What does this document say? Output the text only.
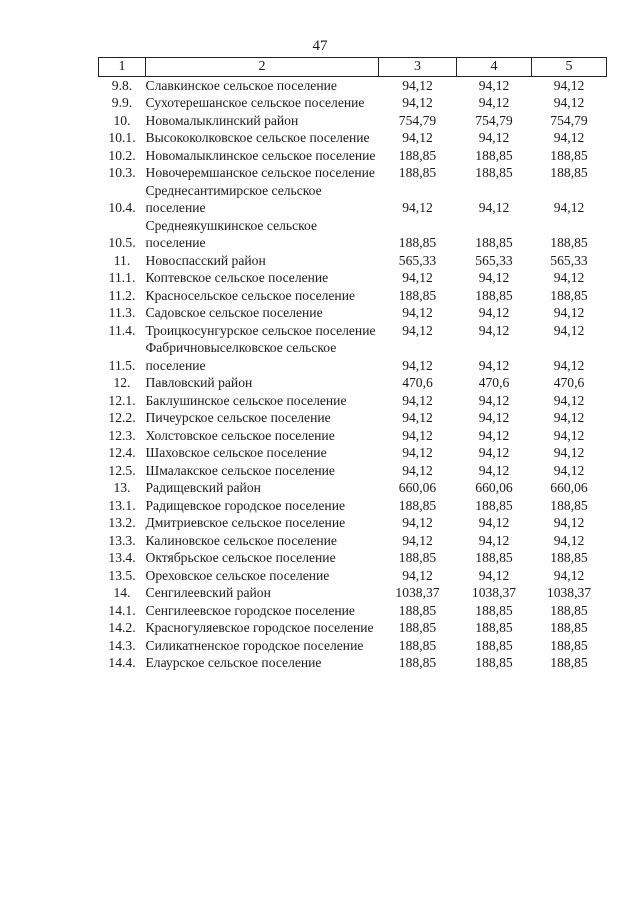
47
1	2	3	4	5
9.8.	Славкинское сельское поселение	94,12	94,12	94,12
9.9.	Сухотерешанское сельское поселение	94,12	94,12	94,12
10.	Новомалыклинский район	754,79	754,79	754,79
10.1.	Высококолковское сельское поселение	94,12	94,12	94,12
10.2.	Новомалыклинское сельское поселение	188,85	188,85	188,85
10.3.	Новочеремшанское сельское поселение	188,85	188,85	188,85
10.4.	Среднесантимирское сельское поселение	94,12	94,12	94,12
10.5.	Среднеякушкинское сельское поселение	188,85	188,85	188,85
11.	Новоспасский район	565,33	565,33	565,33
11.1.	Коптевское сельское поселение	94,12	94,12	94,12
11.2.	Красносельское сельское поселение	188,85	188,85	188,85
11.3.	Садовское сельское поселение	94,12	94,12	94,12
11.4.	Троицкосунгурское сельское поселение	94,12	94,12	94,12
11.5.	Фабричновыселковское сельское поселение	94,12	94,12	94,12
12.	Павловский район	470,6	470,6	470,6
12.1.	Баклушинское сельское поселение	94,12	94,12	94,12
12.2.	Пичеурское сельское поселение	94,12	94,12	94,12
12.3.	Холстовское сельское поселение	94,12	94,12	94,12
12.4.	Шаховское сельское поселение	94,12	94,12	94,12
12.5.	Шмалакское сельское поселение	94,12	94,12	94,12
13.	Радищевский район	660,06	660,06	660,06
13.1.	Радищевское городское поселение	188,85	188,85	188,85
13.2.	Дмитриевское сельское поселение	94,12	94,12	94,12
13.3.	Калиновское сельское поселение	94,12	94,12	94,12
13.4.	Октябрьское сельское поселение	188,85	188,85	188,85
13.5.	Ореховское сельское поселение	94,12	94,12	94,12
14.	Сенгилеевский район	1038,37	1038,37	1038,37
14.1.	Сенгилеевское городское поселение	188,85	188,85	188,85
14.2.	Красногуляевское городское поселение	188,85	188,85	188,85
14.3.	Силикатненское городское поселение	188,85	188,85	188,85
14.4.	Елаурское сельское поселение	188,85	188,85	188,85
